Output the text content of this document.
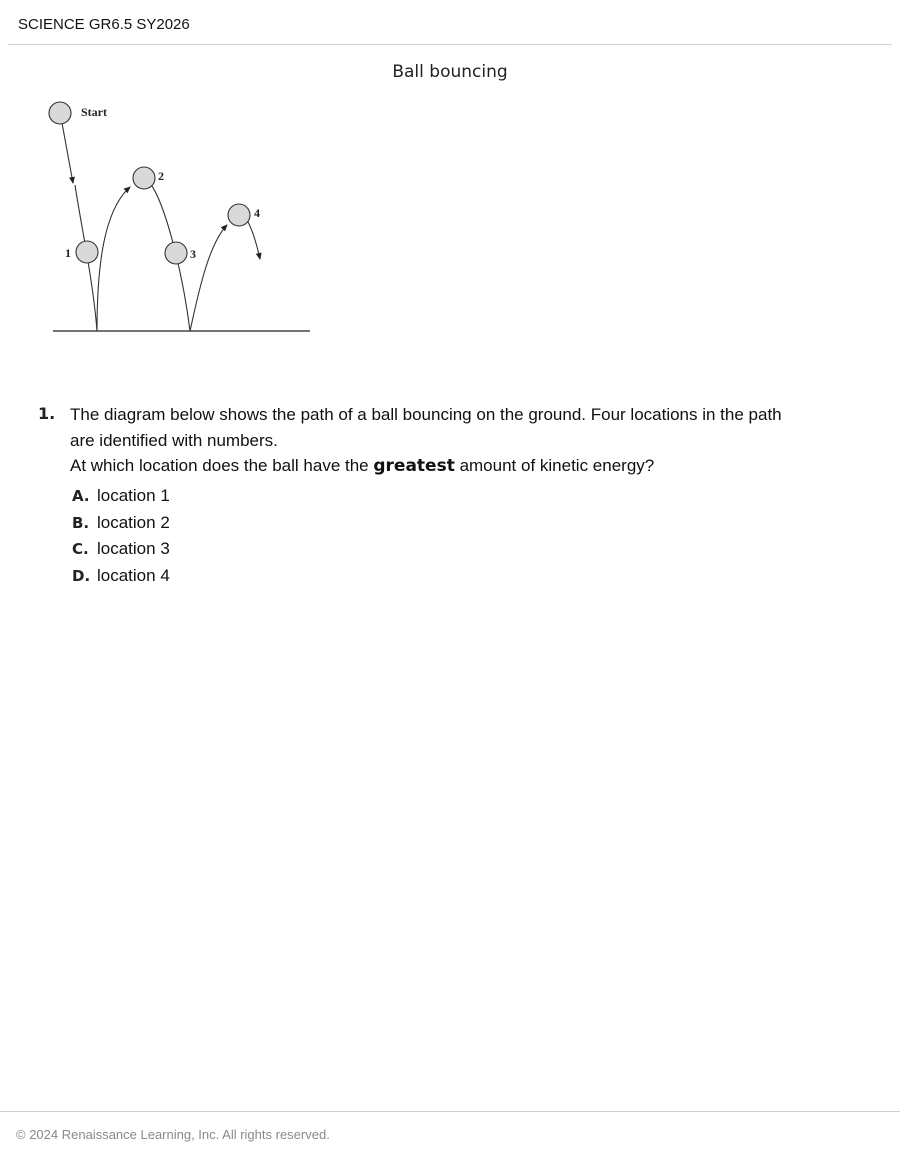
SCIENCE GR6.5 SY2026
Ball bouncing
Start
1
2
3
4
1. The diagram below shows the path of a ball bouncing on the ground. Four locations in the path are identified with numbers.
At which location does the ball have the greatest amount of kinetic energy?
A. location 1
B. location 2
C. location 3
D. location 4
© 2024 Renaissance Learning, Inc. All rights reserved.
